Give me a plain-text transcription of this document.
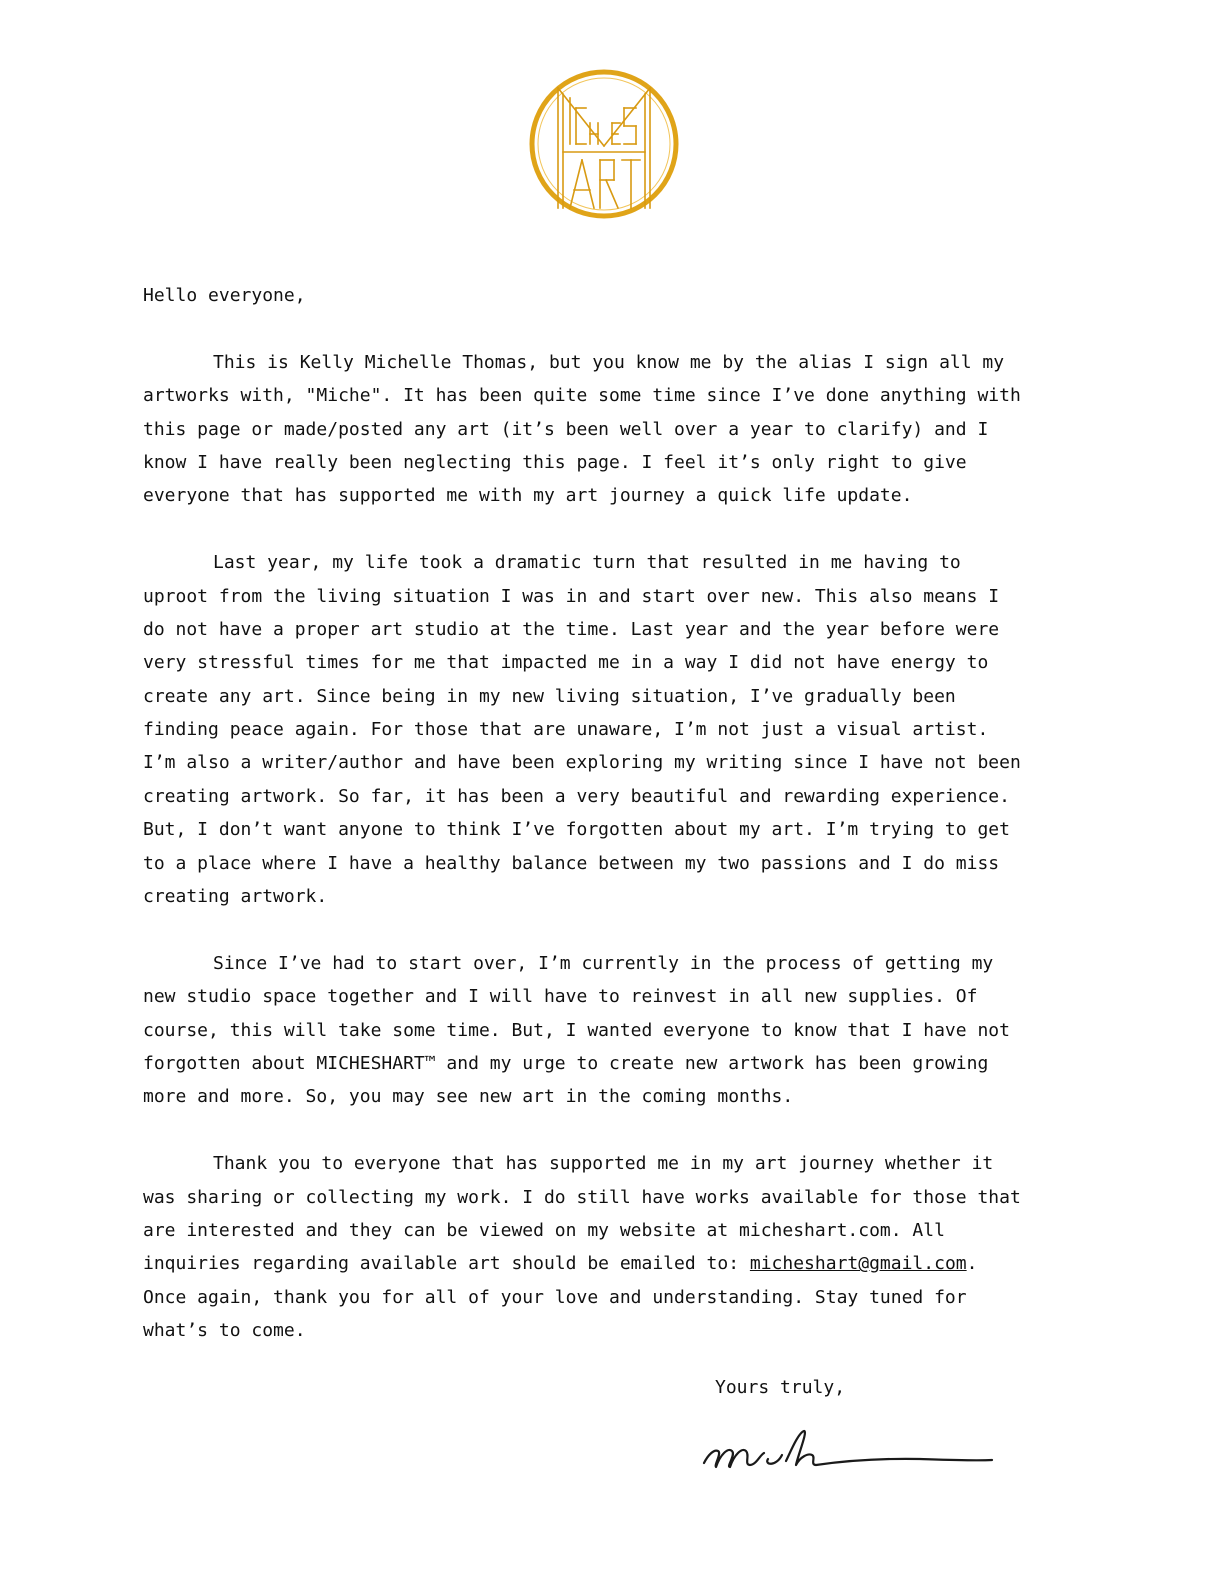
Hello everyone,
This is Kelly Michelle Thomas, but you know me by the alias I sign all my
artworks with, "Miche". It has been quite some time since I’ve done anything with
this page or made/posted any art (it’s been well over a year to clarify) and I
know I have really been neglecting this page. I feel it’s only right to give
everyone that has supported me with my art journey a quick life update.
Last year, my life took a dramatic turn that resulted in me having to
uproot from the living situation I was in and start over new. This also means I
do not have a proper art studio at the time. Last year and the year before were
very stressful times for me that impacted me in a way I did not have energy to
create any art. Since being in my new living situation, I’ve gradually been
finding peace again. For those that are unaware, I’m not just a visual artist.
I’m also a writer/author and have been exploring my writing since I have not been
creating artwork. So far, it has been a very beautiful and rewarding experience.
But, I don’t want anyone to think I’ve forgotten about my art. I’m trying to get
to a place where I have a healthy balance between my two passions and I do miss
creating artwork.
Since I’ve had to start over, I’m currently in the process of getting my
new studio space together and I will have to reinvest in all new supplies. Of
course, this will take some time. But, I wanted everyone to know that I have not
forgotten about MICHESHART™ and my urge to create new artwork has been growing
more and more. So, you may see new art in the coming months.
Thank you to everyone that has supported me in my art journey whether it
was sharing or collecting my work. I do still have works available for those that
are interested and they can be viewed on my website at micheshart.com. All
inquiries regarding available art should be emailed to: micheshart@gmail.com.
Once again, thank you for all of your love and understanding. Stay tuned for
what’s to come.
Yours truly,
